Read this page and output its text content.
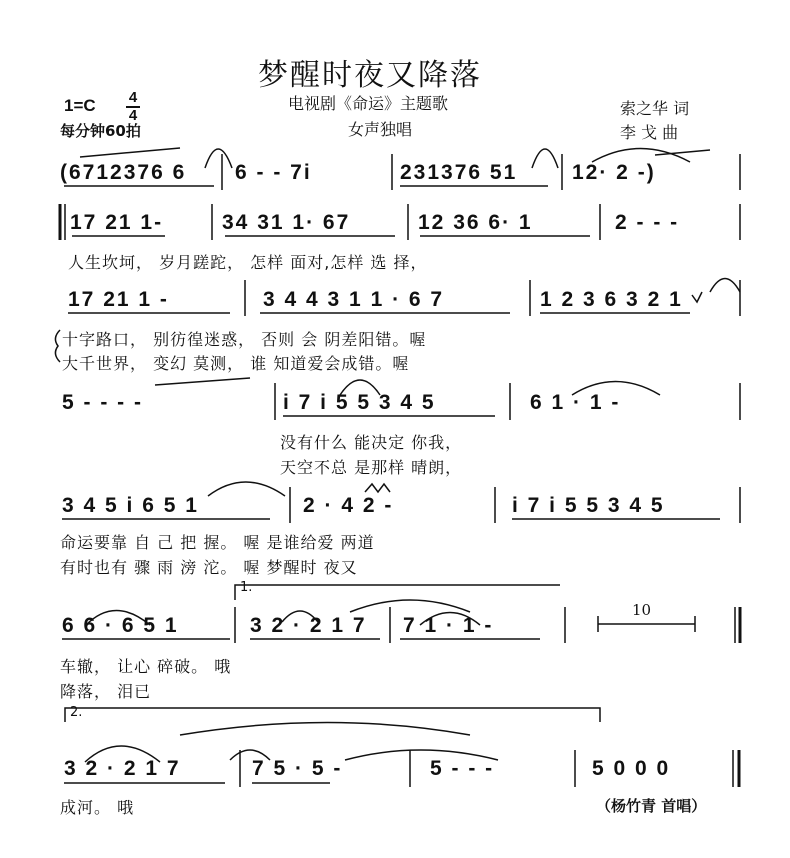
梦醒时夜又降落
电视剧《命运》主题歌
女声独唱
索之华 词
李 戈 曲
1=C 4
4
每分钟60拍
(6712376 6 6 - - 7i	231376 51	12· 2 -)
17 21 1-	34 31 1· 67	12 36 6· 1	2 - - -
人生坎坷， 岁月蹉跎， 怎样 面对,怎样 选 择，
17 21 1 -	3 4 4 3 1 1 · 6 7	1 2 3 6 3 2 1
十字路口， 别彷徨迷惑， 否则 会 阴差阳错。喔
大千世界， 变幻 莫测， 谁 知道爱会成错。喔
5 - - - -	i 7 i 5 5 3 4 5	6 1 · 1 -
没有什么 能决定 你我，
天空不总 是那样 晴朗，
3 4 5 i 6 5 1	2 · 4 2 -	i 7 i 5 5 3 4 5
命运要靠 自 己 把 握。 喔 是谁给爱 两道
有时也有 骤 雨 滂 沱。 喔 梦醒时 夜又
1.
6 6 · 6 5 1	3 2 · 2 1 7 7 1 · 1 -
10
车辙， 让心 碎破。 哦
降落， 泪已
2.
3 2 · 2 1 7	7 5 · 5 -	5 - - -	5 0 0 0
成河。 哦	（杨竹青 首唱）
